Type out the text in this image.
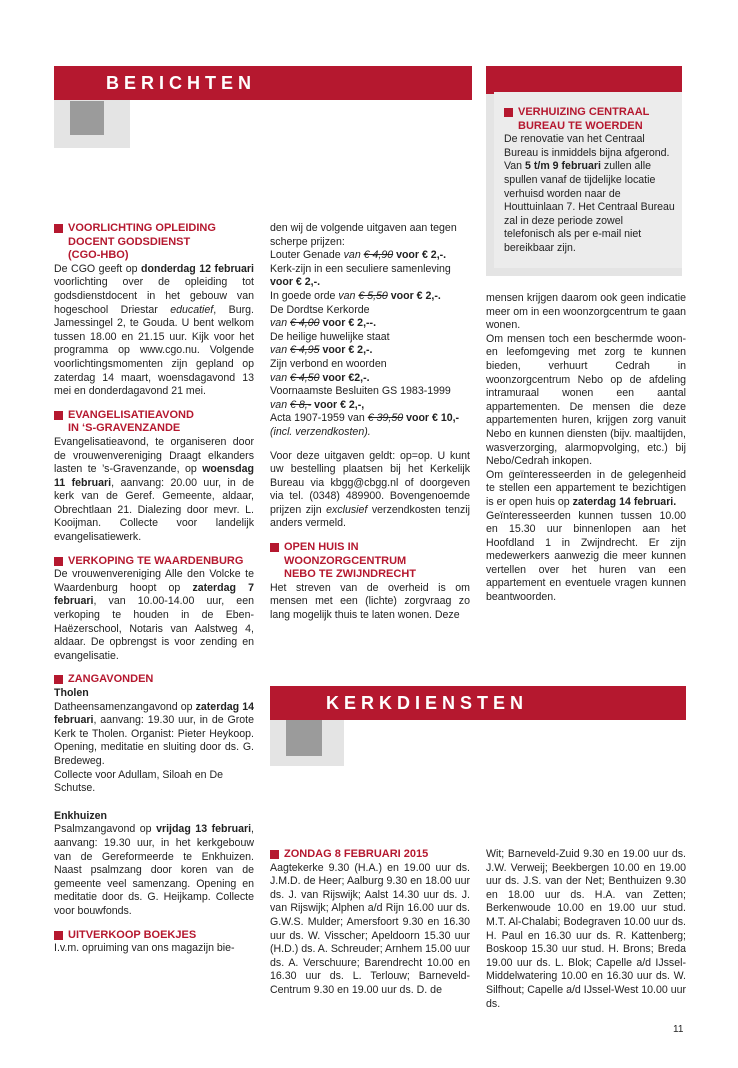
BERICHTEN
VERHUIZING CENTRAAL
BUREAU TE WOERDEN

De renovatie van het Centraal Bureau is inmiddels bijna afgerond. Van 5 t/m 9 februari zullen alle spullen vanaf de tijdelijke locatie verhuisd worden naar de Houttuinlaan 7. Het Centraal Bureau zal in deze periode zowel telefonisch als per e-mail niet bereikbaar zijn.

VOORLICHTING OPLEIDING
DOCENT GODSDIENST
(CGO-HBO)

De CGO geeft op donderdag 12 februari voorlichting over de opleiding tot godsdienstdocent in het gebouw van hogeschool Driestar educatief, Burg. Jamessingel 2, te Gouda. U bent welkom tussen 18.00 en 21.15 uur. Kijk voor het programma op www.cgo.nu. Volgende voorlichtingsmomenten zijn gepland op zaterdag 14 maart, woensdagavond 13 mei en donderdagavond 21 mei.

EVANGELISATIEAVOND
IN ‘S-GRAVENZANDE

Evangelisatieavond, te organiseren door de vrouwenvereniging Draagt elkanders lasten te ’s-Gravenzande, op woensdag 11 februari, aanvang: 20.00 uur, in de kerk van de Geref. Gemeente, aldaar, Obrechtlaan 21. Dialezing door mevr. L. Kooijman. Collecte voor landelijk evangelisatiewerk.

VERKOPING TE WAARDENBURG

De vrouwenvereniging Alle den Volcke te Waardenburg hoopt op zaterdag 7 februari, van 10.00-14.00 uur, een verkoping te houden in de Eben-Haëzerschool, Notaris van Aalstweg 4, aldaar. De opbrengst is voor zending en evangelisatie.

ZANGAVONDEN

Tholen

Datheensamenzangavond op zaterdag 14 februari, aanvang: 19.30 uur, in de Grote Kerk te Tholen. Organist: Pieter Heykoop. Opening, meditatie en sluiting door ds. G. Bredeweg.

Collecte voor Adullam, Siloah en De Schutse.

Enkhuizen

Psalmzangavond op vrijdag 13 februari, aanvang: 19.30 uur, in het kerkgebouw van de Gereformeerde te Enkhuizen. Naast psalmzang door koren van de gemeente veel samenzang. Opening en meditatie door ds. G. Heijkamp. Collecte voor bouwfonds.

UITVERKOOP BOEKJES

I.v.m. opruiming van ons magazijn bie-

den wij de volgende uitgaven aan tegen scherpe prijzen:

Louter Genade van € 4,90 voor € 2,-.

Kerk-zijn in een seculiere samenleving

voor € 2,-.

In goede orde van € 5,50 voor € 2,-.

De Dordtse Kerkorde

van € 4,00 voor € 2,--.

De heilige huwelijke staat

van € 4,95 voor € 2,-.

Zijn verbond en woorden

van € 4,50 voor €2,-.

Voornaamste Besluiten GS 1983-1999

van € 8,- voor € 2,-,

Acta 1907-1959 van € 39,50 voor € 10,-

(incl. verzendkosten).

Voor deze uitgaven geldt: op=op. U kunt uw bestelling plaatsen bij het Kerkelijk Bureau via kbgg@cbgg.nl of doorgeven via tel. (0348) 489900. Bovengenoemde prijzen zijn exclusief verzendkosten tenzij anders vermeld.

OPEN HUIS IN
WOONZORGCENTRUM
NEBO TE ZWIJNDRECHT

Het streven van de overheid is om mensen met een (lichte) zorgvraag zo lang mogelijk thuis te laten wonen. Deze

mensen krijgen daarom ook geen indicatie meer om in een woonzorgcentrum te gaan wonen.

Om mensen toch een beschermde woon- en leefomgeving met zorg te kunnen bieden, verhuurt Cedrah in woonzorgcentrum Nebo op de afdeling intramuraal wonen een aantal appartementen. De mensen die deze appartementen huren, krijgen zorg vanuit Nebo en kunnen diensten (bijv. maaltijden, wasverzorging, alarmopvolging, etc.) bij Nebo/Cedrah inkopen.

Om geïnteresseerden in de gelegenheid te stellen een appartement te bezichtigen is er open huis op zaterdag 14 februari.

Geïnteresseerden kunnen tussen 10.00 en 15.30 uur binnenlopen aan het Hoofdland 1 in Zwijndrecht. Er zijn medewerkers aanwezig die meer kunnen vertellen over het huren van een appartement en eventuele vragen kunnen beantwoorden.

KERKDIENSTEN
ZONDAG 8 FEBRUARI 2015

Aagtekerke 9.30 (H.A.) en 19.00 uur ds. J.M.D. de Heer; Aalburg 9.30 en 18.00 uur ds. J. van Rijswijk; Aalst 14.30 uur ds. J. van Rijswijk; Alphen a/d Rijn 16.00 uur ds. G.W.S. Mulder; Amersfoort 9.30 en 16.30 uur ds. W. Visscher; Apeldoorn 15.30 uur (H.D.) ds. A. Schreuder; Arnhem 15.00 uur ds. A. Verschuure; Barendrecht 10.00 en 16.30 uur ds. L. Terlouw; Barneveld-Centrum 9.30 en 19.00 uur ds. D. de

Wit; Barneveld-Zuid 9.30 en 19.00 uur ds. J.W. Verweij; Beekbergen 10.00 en 19.00 uur ds. J.S. van der Net; Benthuizen 9.30 en 18.00 uur ds. H.A. van Zetten; Berkenwoude 10.00 en 19.00 uur stud. M.T. Al-Chalabi; Bodegraven 10.00 uur ds. H. Paul en 16.30 uur ds. R. Kattenberg; Boskoop 15.30 uur stud. H. Brons; Breda 19.00 uur ds. L. Blok; Capelle a/d IJssel-Middelwatering 10.00 en 16.30 uur ds. W. Silfhout; Capelle a/d IJssel-West 10.00 uur ds.

11
